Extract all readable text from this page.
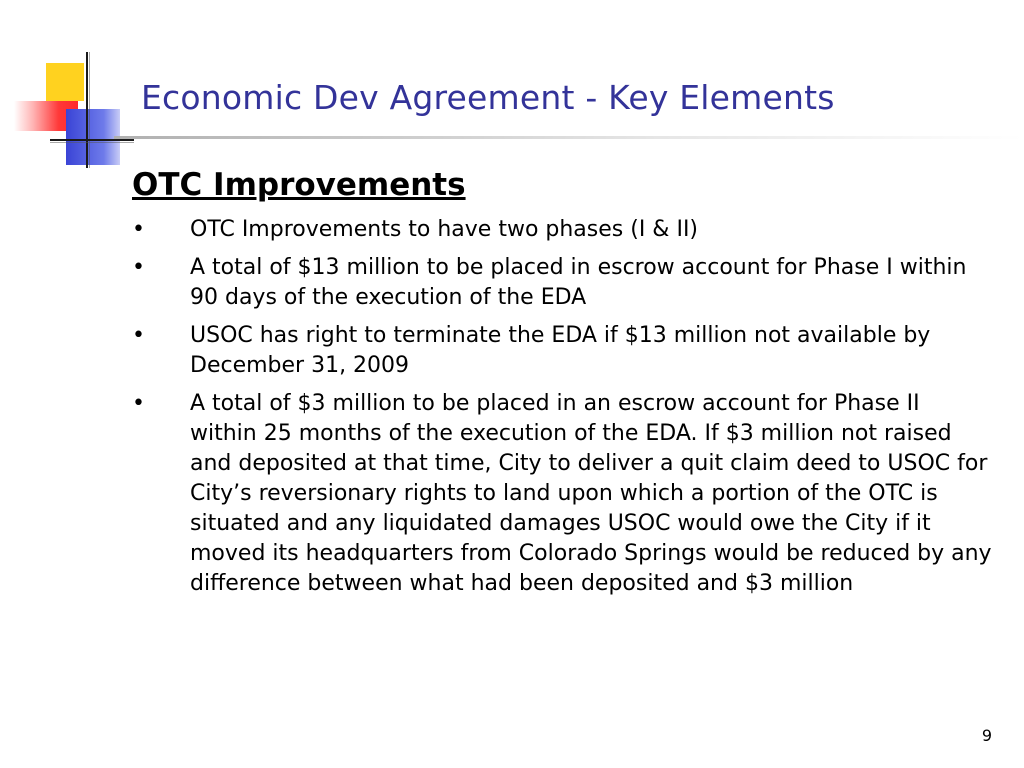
Economic Dev Agreement - Key Elements
OTC Improvements
• OTC Improvements to have two phases (I & II)
• A total of $13 million to be placed in escrow account for Phase I within 90 days of the execution of the EDA
• USOC has right to terminate the EDA if $13 million not available by December 31, 2009
• A total of $3 million to be placed in an escrow account for Phase II within 25 months of the execution of the EDA. If $3 million not raised and deposited at that time, City to deliver a quit claim deed to USOC for City’s reversionary rights to land upon which a portion of the OTC is situated and any liquidated damages USOC would owe the City if it moved its headquarters from Colorado Springs would be reduced by any difference between what had been deposited and $3 million
9
